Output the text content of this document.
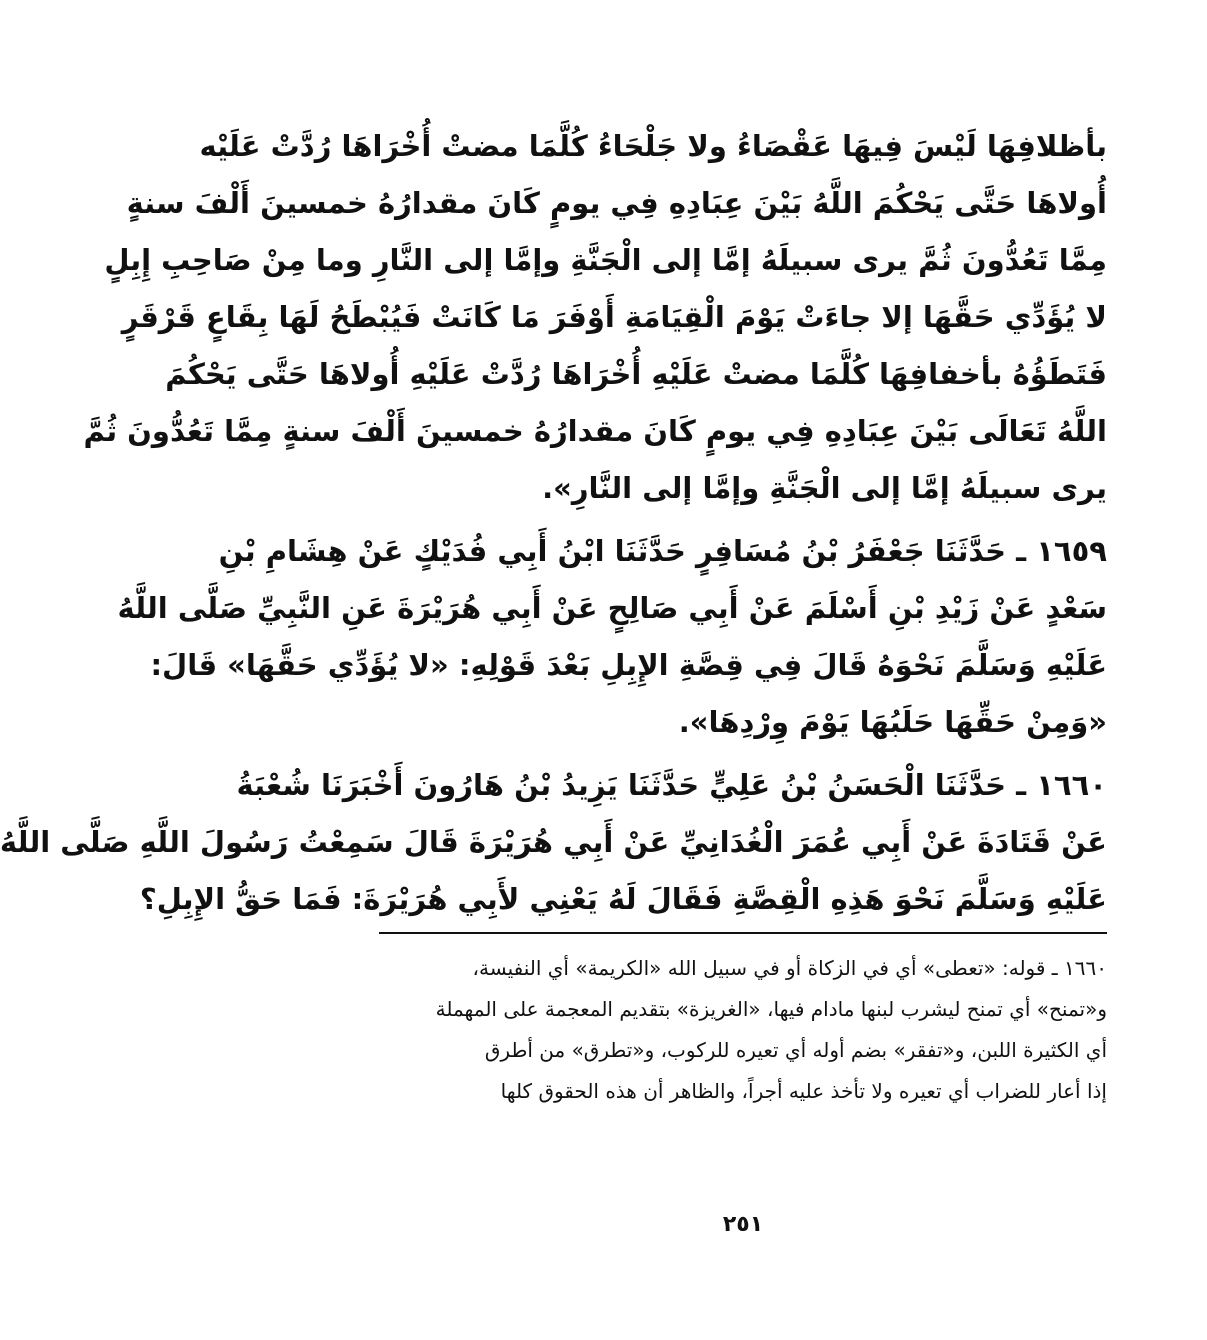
بأظلافِهَا لَيْسَ فِيهَا عَقْصَاءُ ولا جَلْحَاءُ كُلَّمَا مضتْ أُخْرَاهَا رُدَّتْ عَلَيْه
أُولاهَا حَتَّى يَحْكُمَ اللَّهُ بَيْنَ عِبَادِهِ فِي يومٍ كَانَ مقدارُهُ خمسينَ أَلْفَ سنةٍ
مِمَّا تَعُدُّونَ ثُمَّ يرى سبيلَهُ إمَّا إلى الْجَنَّةِ وإمَّا إلى النَّارِ وما مِنْ صَاحِبِ إِبِلٍ
لا يُؤَدِّي حَقَّهَا إلا جاءَتْ يَوْمَ الْقِيَامَةِ أَوْفَرَ مَا كَانَتْ فَيُبْطَحُ لَهَا بِقَاعٍ قَرْقَرٍ
فَتَطَؤُهُ بأخفافِهَا كُلَّمَا مضتْ عَلَيْهِ أُخْرَاهَا رُدَّتْ عَلَيْهِ أُولاهَا حَتَّى يَحْكُمَ
اللَّهُ تَعَالَى بَيْنَ عِبَادِهِ فِي يومٍ كَانَ مقدارُهُ خمسينَ أَلْفَ سنةٍ مِمَّا تَعُدُّونَ ثُمَّ
يرى سبيلَهُ إمَّا إلى الْجَنَّةِ وإمَّا إلى النَّارِ».
١٦٥٩ ـ حَدَّثَنَا جَعْفَرُ بْنُ مُسَافِرٍ حَدَّثَنَا ابْنُ أَبِي فُدَيْكٍ عَنْ هِشَامِ بْنِ
سَعْدٍ عَنْ زَيْدِ بْنِ أَسْلَمَ عَنْ أَبِي صَالِحٍ عَنْ أَبِي هُرَيْرَةَ عَنِ النَّبِيِّ صَلَّى اللَّهُ
عَلَيْهِ وَسَلَّمَ نَحْوَهُ قَالَ فِي قِصَّةِ الإِبِلِ بَعْدَ قَوْلِهِ: «لا يُؤَدِّي حَقَّهَا» قَالَ:
«وَمِنْ حَقِّهَا حَلَبُهَا يَوْمَ وِرْدِهَا».
١٦٦٠ ـ حَدَّثَنَا الْحَسَنُ بْنُ عَلِيٍّ حَدَّثَنَا يَزِيدُ بْنُ هَارُونَ أَخْبَرَنَا شُعْبَةُ
عَنْ قَتَادَةَ عَنْ أَبِي عُمَرَ الْغُدَانِيِّ عَنْ أَبِي هُرَيْرَةَ قَالَ سَمِعْتُ رَسُولَ اللَّهِ صَلَّى اللَّهُ
عَلَيْهِ وَسَلَّمَ نَحْوَ هَذِهِ الْقِصَّةِ فَقَالَ لَهُ يَعْنِي لأَبِي هُرَيْرَةَ: فَمَا حَقُّ الإِبِلِ؟
١٦٦٠ ـ قوله: «تعطى» أي في الزكاة أو في سبيل الله «الكريمة» أي النفيسة،
و«تمنح» أي تمنح ليشرب لبنها مادام فيها، «الغريزة» بتقديم المعجمة على المهملة
أي الكثيرة اللبن، و«تفقر» بضم أوله أي تعيره للركوب، و«تطرق» من أطرق
إذا أعار للضراب أي تعيره ولا تأخذ عليه أجراً، والظاهر أن هذه الحقوق كلها
٢٥١
